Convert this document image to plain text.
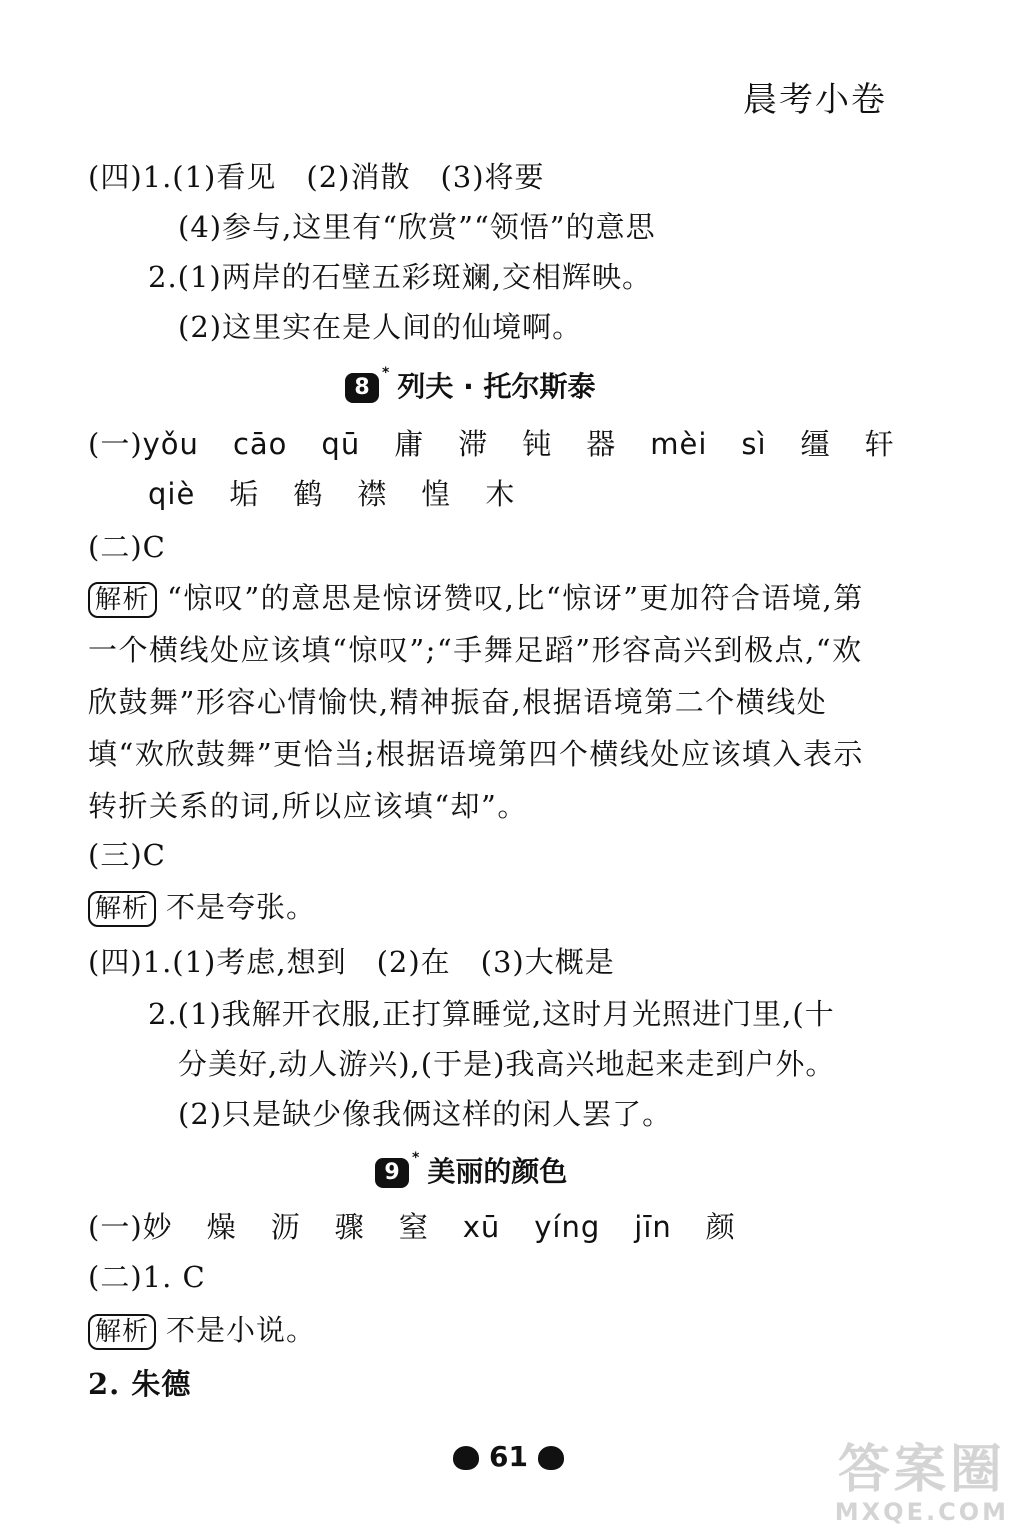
晨考小卷
(四)1.(1)看见　(2)消散　(3)将要
(4)参与,这里有“欣赏”“领悟”的意思
2.(1)两岸的石壁五彩斑斓,交相辉映。
(2)这里实在是人间的仙境啊。
8* 列夫 · 托尔斯泰
(一)yǒu cāo qū 庸 滞 钝 器 mèi sì 缰 轩
qiè 垢 鹤 襟 惶 木
(二)C
解析 “惊叹”的意思是惊讶赞叹,比“惊讶”更加符合语境,第一个横线处应该填“惊叹”;“手舞足蹈”形容高兴到极点,“欢欣鼓舞”形容心情愉快,精神振奋,根据语境第二个横线处填“欢欣鼓舞”更恰当;根据语境第四个横线处应该填入表示转折关系的词,所以应该填“却”。
(三)C
解析 不是夸张。
(四)1.(1)考虑,想到　(2)在　(3)大概是
2.(1)我解开衣服,正打算睡觉,这时月光照进门里,(十
分美好,动人游兴),(于是)我高兴地起来走到户外。
(2)只是缺少像我俩这样的闲人罢了。
9* 美丽的颜色
(一)妙 燥 沥 骤 窒 xū yíng jīn 颜
(二)1. C
解析 不是小说。
2. 朱德
61	答案圈
MXQE.COM
